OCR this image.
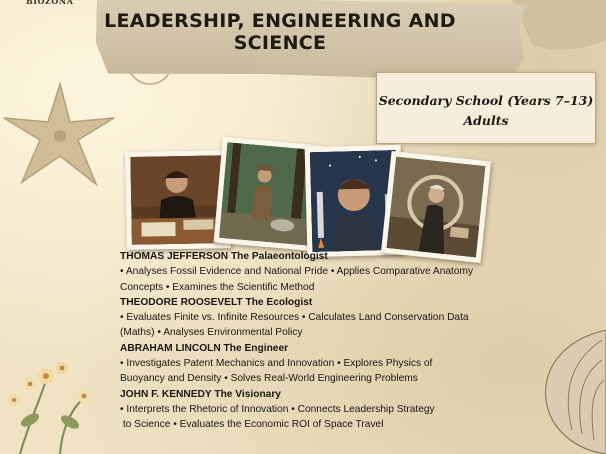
BIOZONA
LEADERSHIP, ENGINEERING AND SCIENCE
Secondary School (Years 7–13)
Adults

THOMAS JEFFERSON The Palaeontologist

• Analyses Fossil Evidence and National Pride • Applies Comparative Anatomy

Concepts • Examines the Scientific Method

THEODORE ROOSEVELT The Ecologist

• Evaluates Finite vs. Infinite Resources • Calculates Land Conservation Data

(Maths) • Analyses Environmental Policy

ABRAHAM LINCOLN The Engineer

• Investigates Patent Mechanics and Innovation • Explores Physics of

Buoyancy and Density • Solves Real-World Engineering Problems

JOHN F. KENNEDY The Visionary

• Interprets the Rhetoric of Innovation • Connects Leadership Strategy

to Science • Evaluates the Economic ROI of Space Travel
